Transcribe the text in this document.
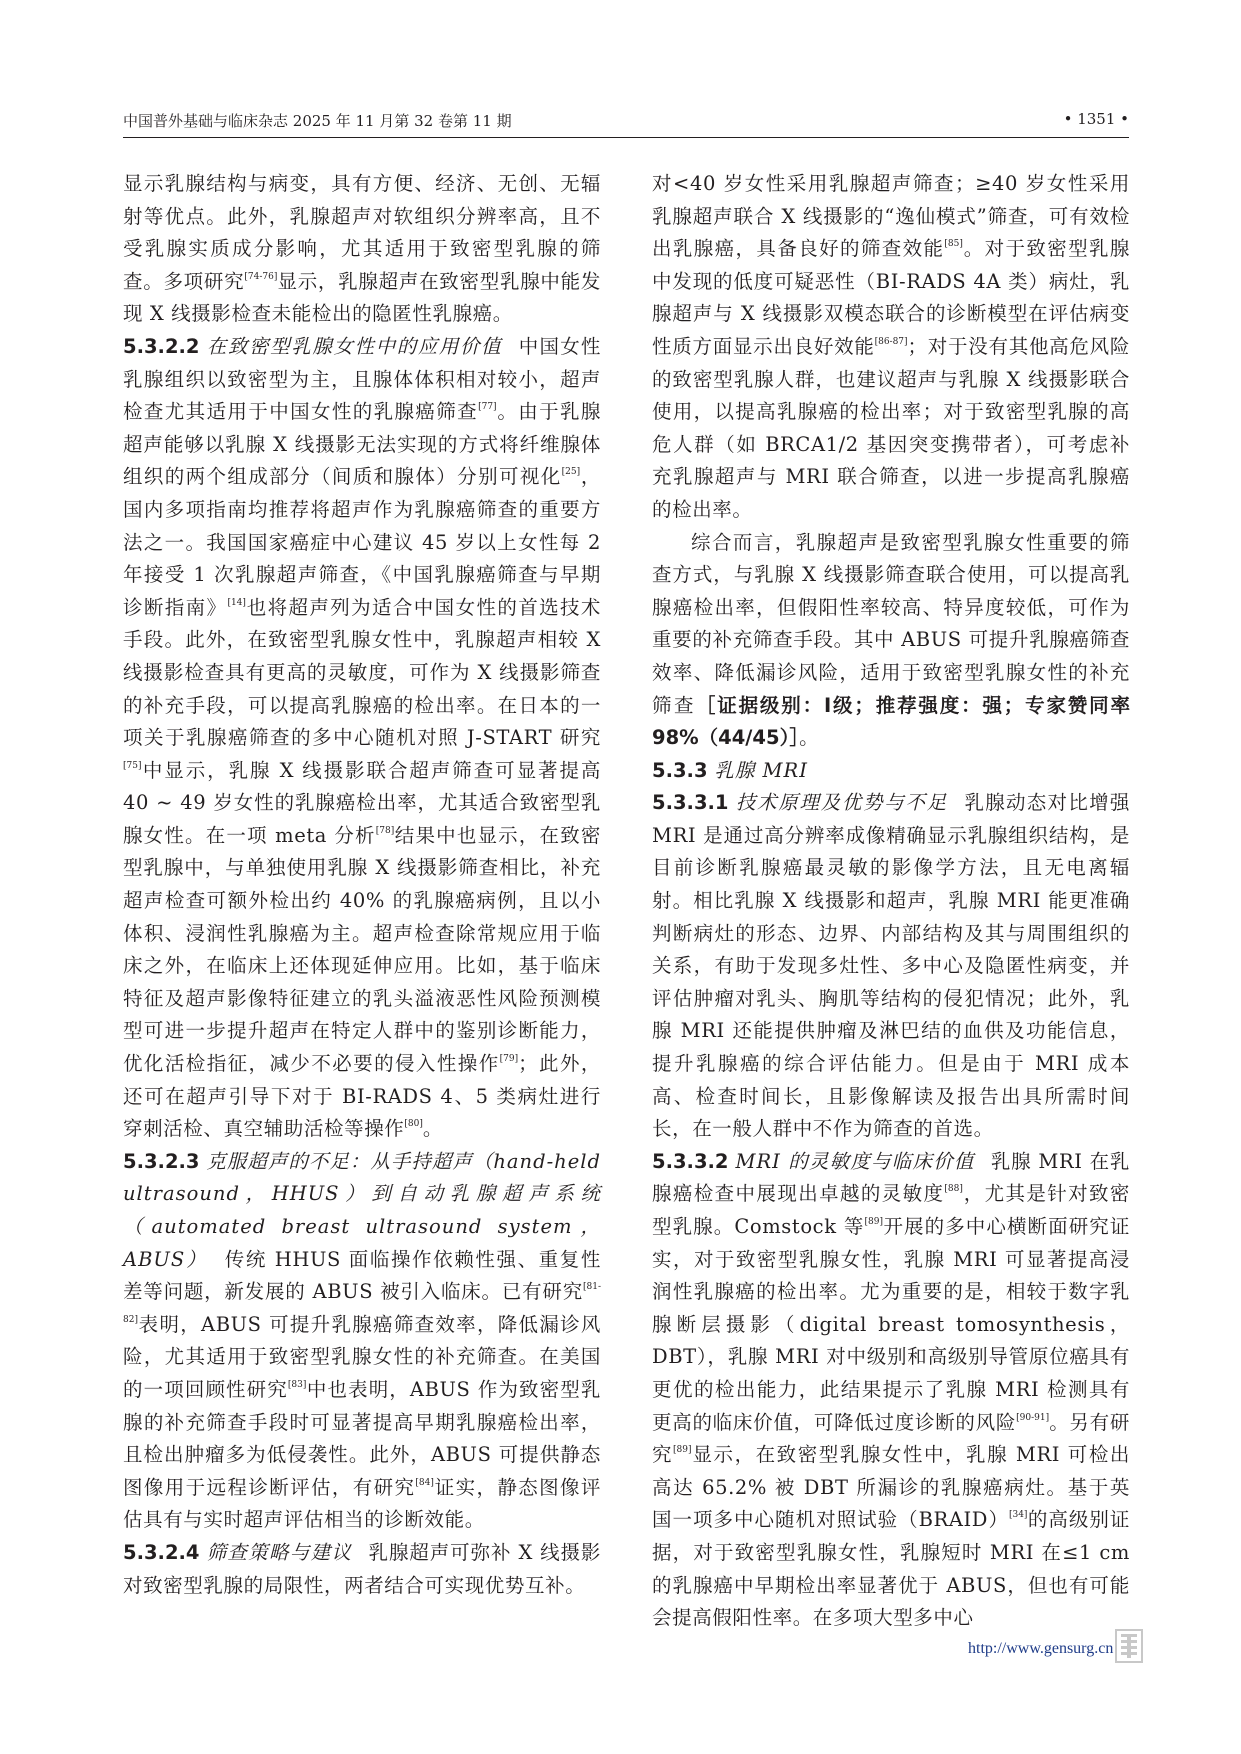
中国普外基础与临床杂志 2025 年 11 月第 32 卷第 11 期	• 1351 •

显示乳腺结构与病变，具有方便、经济、无创、无辐射等优点。此外，乳腺超声对软组织分辨率高，且不受乳腺实质成分影响，尤其适用于致密型乳腺的筛查。多项研究[74-76]显示，乳腺超声在致密型乳腺中能发现 X 线摄影检查未能检出的隐匿性乳腺癌。

5.3.2.2 在致密型乳腺女性中的应用价值 中国女性乳腺组织以致密型为主，且腺体体积相对较小，超声检查尤其适用于中国女性的乳腺癌筛查[77]。由于乳腺超声能够以乳腺 X 线摄影无法实现的方式将纤维腺体组织的两个组成部分（间质和腺体）分别可视化[25]，国内多项指南均推荐将超声作为乳腺癌筛查的重要方法之一。我国国家癌症中心建议 45 岁以上女性每 2 年接受 1 次乳腺超声筛查，《中国乳腺癌筛查与早期诊断指南》[14]也将超声列为适合中国女性的首选技术手段。此外，在致密型乳腺女性中，乳腺超声相较 X 线摄影检查具有更高的灵敏度，可作为 X 线摄影筛查的补充手段，可以提高乳腺癌的检出率。在日本的一项关于乳腺癌筛查的多中心随机对照 J-START 研究[75]中显示，乳腺 X 线摄影联合超声筛查可显著提高 40 ~ 49 岁女性的乳腺癌检出率，尤其适合致密型乳腺女性。在一项 meta 分析[78]结果中也显示，在致密型乳腺中，与单独使用乳腺 X 线摄影筛查相比，补充超声检查可额外检出约 40% 的乳腺癌病例，且以小体积、浸润性乳腺癌为主。超声检查除常规应用于临床之外，在临床上还体现延伸应用。比如，基于临床特征及超声影像特征建立的乳头溢液恶性风险预测模型可进一步提升超声在特定人群中的鉴别诊断能力，优化活检指征，减少不必要的侵入性操作[79]；此外，还可在超声引导下对于 BI-RADS 4、5 类病灶进行穿刺活检、真空辅助活检等操作[80]。

5.3.2.3 克服超声的不足：从手持超声（hand-held ultrasound，HHUS）到自动乳腺超声系统（automated breast ultrasound system，ABUS） 传统 HHUS 面临操作依赖性强、重复性差等问题，新发展的 ABUS 被引入临床。已有研究[81-82]表明，ABUS 可提升乳腺癌筛查效率，降低漏诊风险，尤其适用于致密型乳腺女性的补充筛查。在美国的一项回顾性研究[83]中也表明，ABUS 作为致密型乳腺的补充筛查手段时可显著提高早期乳腺癌检出率，且检出肿瘤多为低侵袭性。此外，ABUS 可提供静态图像用于远程诊断评估，有研究[84]证实，静态图像评估具有与实时超声评估相当的诊断效能。

5.3.2.4 筛查策略与建议 乳腺超声可弥补 X 线摄影对致密型乳腺的局限性，两者结合可实现优势互补。

对<40 岁女性采用乳腺超声筛查；≥40 岁女性采用乳腺超声联合 X 线摄影的“逸仙模式”筛查，可有效检出乳腺癌，具备良好的筛查效能[85]。对于致密型乳腺中发现的低度可疑恶性（BI-RADS 4A 类）病灶，乳腺超声与 X 线摄影双模态联合的诊断模型在评估病变性质方面显示出良好效能[86-87]；对于没有其他高危风险的致密型乳腺人群，也建议超声与乳腺 X 线摄影联合使用，以提高乳腺癌的检出率；对于致密型乳腺的高危人群（如 BRCA1/2 基因突变携带者），可考虑补充乳腺超声与 MRI 联合筛查，以进一步提高乳腺癌的检出率。

综合而言，乳腺超声是致密型乳腺女性重要的筛查方式，与乳腺 X 线摄影筛查联合使用，可以提高乳腺癌检出率，但假阳性率较高、特异度较低，可作为重要的补充筛查手段。其中 ABUS 可提升乳腺癌筛查效率、降低漏诊风险，适用于致密型乳腺女性的补充筛查［证据级别：Ⅰ级；推荐强度：强；专家赞同率 98%（44/45）］。

5.3.3 乳腺 MRI

5.3.3.1 技术原理及优势与不足 乳腺动态对比增强 MRI 是通过高分辨率成像精确显示乳腺组织结构，是目前诊断乳腺癌最灵敏的影像学方法，且无电离辐射。相比乳腺 X 线摄影和超声，乳腺 MRI 能更准确判断病灶的形态、边界、内部结构及其与周围组织的关系，有助于发现多灶性、多中心及隐匿性病变，并评估肿瘤对乳头、胸肌等结构的侵犯情况；此外，乳腺 MRI 还能提供肿瘤及淋巴结的血供及功能信息，提升乳腺癌的综合评估能力。但是由于 MRI 成本高、检查时间长，且影像解读及报告出具所需时间长，在一般人群中不作为筛查的首选。

5.3.3.2 MRI 的灵敏度与临床价值 乳腺 MRI 在乳腺癌检查中展现出卓越的灵敏度[88]，尤其是针对致密型乳腺。Comstock 等[89]开展的多中心横断面研究证实，对于致密型乳腺女性，乳腺 MRI 可显著提高浸润性乳腺癌的检出率。尤为重要的是，相较于数字乳腺断层摄影（digital breast tomosynthesis，DBT），乳腺 MRI 对中级别和高级别导管原位癌具有更优的检出能力，此结果提示了乳腺 MRI 检测具有更高的临床价值，可降低过度诊断的风险[90-91]。另有研究[89]显示，在致密型乳腺女性中，乳腺 MRI 可检出高达 65.2% 被 DBT 所漏诊的乳腺癌病灶。基于英国一项多中心随机对照试验（BRAID）[34]的高级别证据，对于致密型乳腺女性，乳腺短时 MRI 在≤1 cm 的乳腺癌中早期检出率显著优于 ABUS，但也有可能会提高假阳性率。在多项大型多中心

http://www.gensurg.cn
